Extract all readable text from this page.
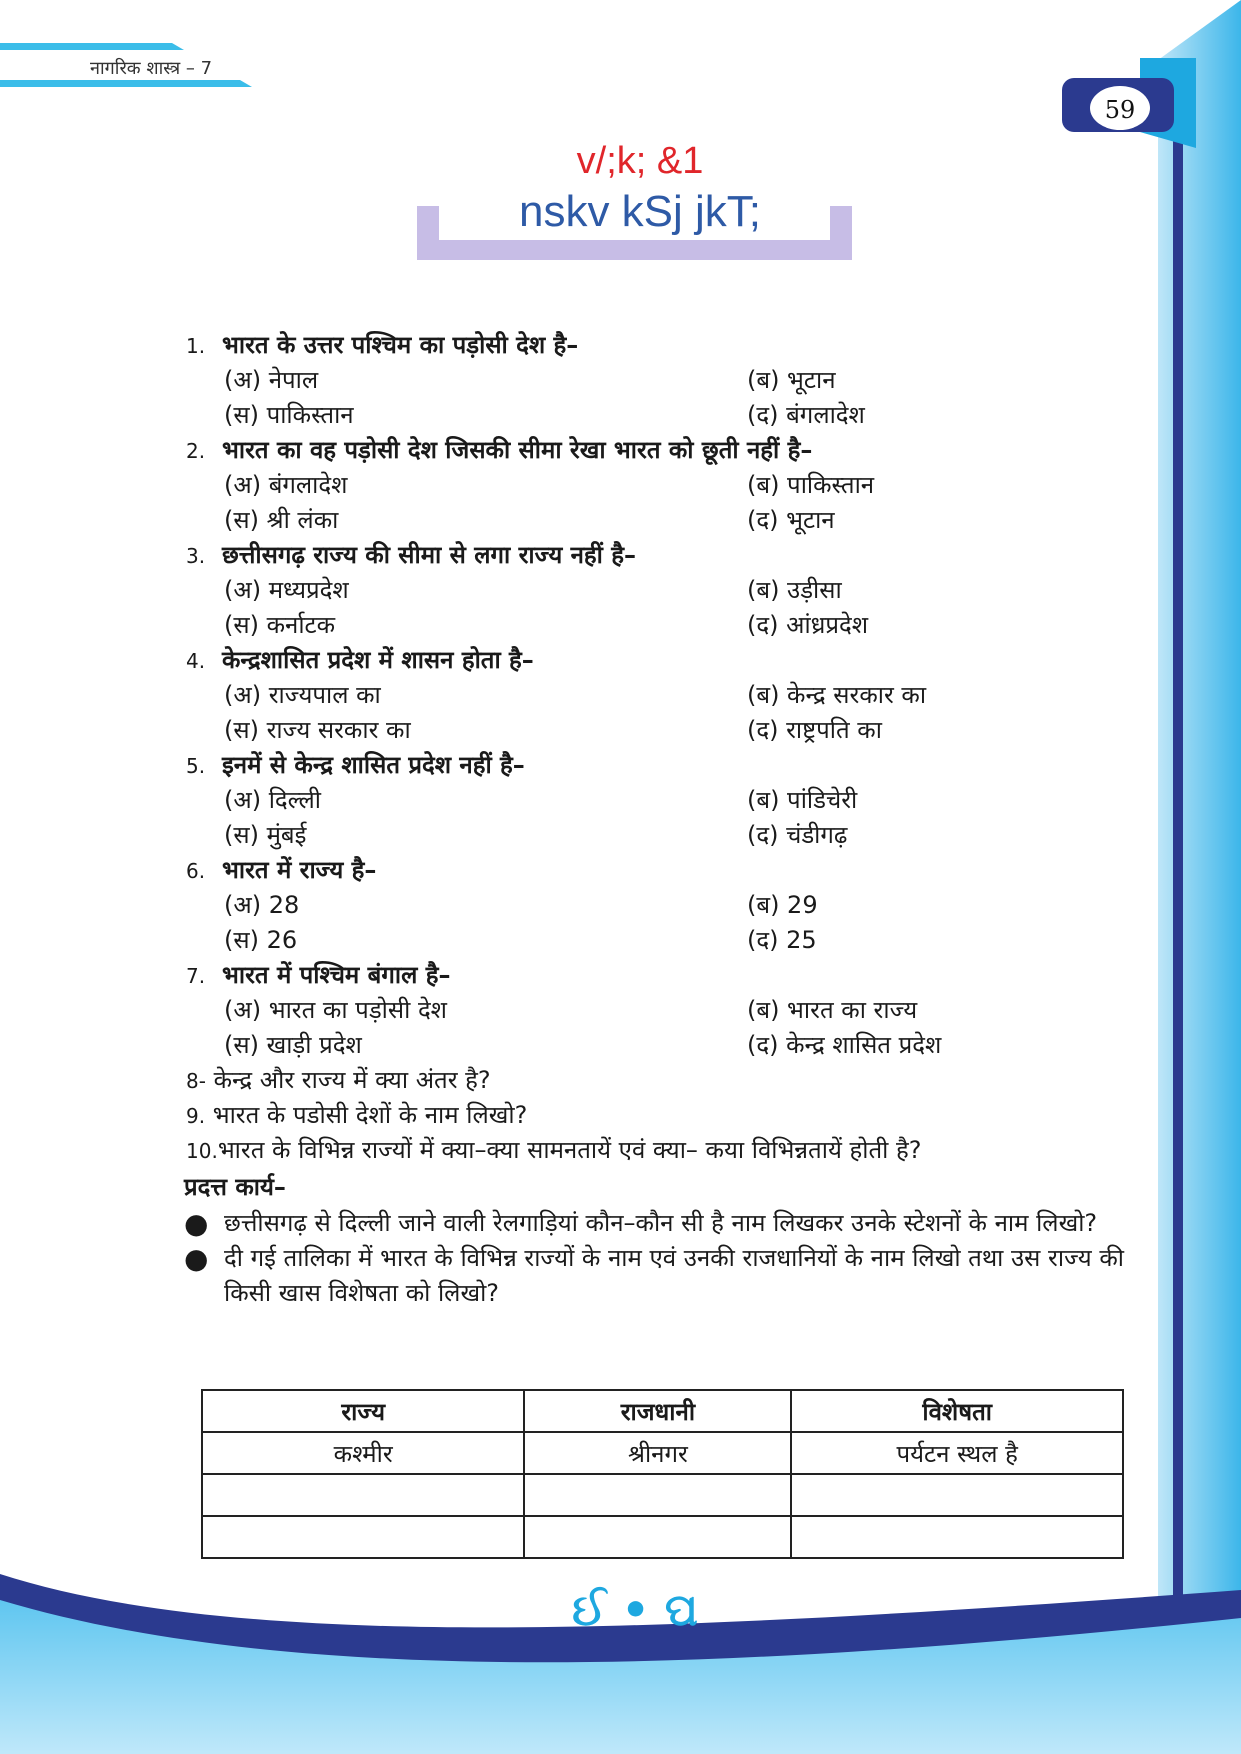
नागरिक शास्त्र – 7
59
v/;k; &1
nskv kSj jkT;
1. भारत के उत्तर पश्चिम का पड़ोसी देश है–
(अ) नेपाल	(ब) भूटान
(स) पाकिस्तान	(द) बंगलादेश
2. भारत का वह पड़ोसी देश जिसकी सीमा रेखा भारत को छूती नहीं है–
(अ) बंगलादेश	(ब) पाकिस्तान
(स) श्री लंका	(द) भूटान
3. छत्तीसगढ़ राज्य की सीमा से लगा राज्य नहीं है–
(अ) मध्यप्रदेश	(ब) उड़ीसा
(स) कर्नाटक	(द) आंध्रप्रदेश
4. केन्द्रशासित प्रदेश में शासन होता है–
(अ) राज्यपाल का	(ब) केन्द्र सरकार का
(स) राज्य सरकार का	(द) राष्ट्रपति का
5. इनमें से केन्द्र शासित प्रदेश नहीं है–
(अ) दिल्ली	(ब) पांडिचेरी
(स) मुंबई	(द) चंडीगढ़
6. भारत में राज्य है–
(अ) 28	(ब) 29
(स) 26	(द) 25
7. भारत में पश्चिम बंगाल है–
(अ) भारत का पड़ोसी देश	(ब) भारत का राज्य
(स) खाड़ी प्रदेश	(द) केन्द्र शासित प्रदेश
8- केन्द्र और राज्य में क्या अंतर है?
9. भारत के पडोसी देशों के नाम लिखो?
10.भारत के विभिन्न राज्यों में क्या–क्या सामनतायें एवं क्या– कया विभिन्नतायें होती है?
प्रदत्त कार्य–
● छत्तीसगढ़ से दिल्ली जाने वाली रेलगाड़ियां कौन–कौन सी है नाम लिखकर उनके स्टेशनों के नाम लिखो?
● दी गई तालिका में भारत के विभिन्न राज्यों के नाम एवं उनकी राजधानियों के नाम लिखो तथा उस राज्य की किसी खास विशेषता को लिखो?
राज्य	राजधानी	विशेषता
कश्मीर	श्रीनगर	पर्यटन स्थल है

ઈ • ପ
